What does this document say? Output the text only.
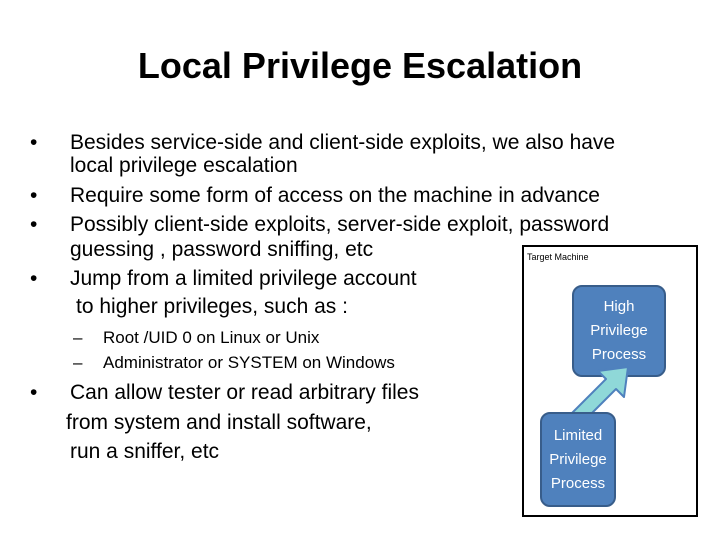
Local Privilege Escalation
• Besides service-side and client-side exploits, we also have
local privilege escalation
• Require some form of access on the machine in advance
• Possibly client-side exploits, server-side exploit, password
guessing , password sniffing, etc
• Jump from a limited privilege account
to higher privileges, such as :
– Root /UID 0 on Linux or Unix
– Administrator or SYSTEM on Windows
• Can allow tester or read arbitrary files
from system and install software,
run a sniffer, etc
Target Machine
High
Privilege
Process
Limited
Privilege
Process
